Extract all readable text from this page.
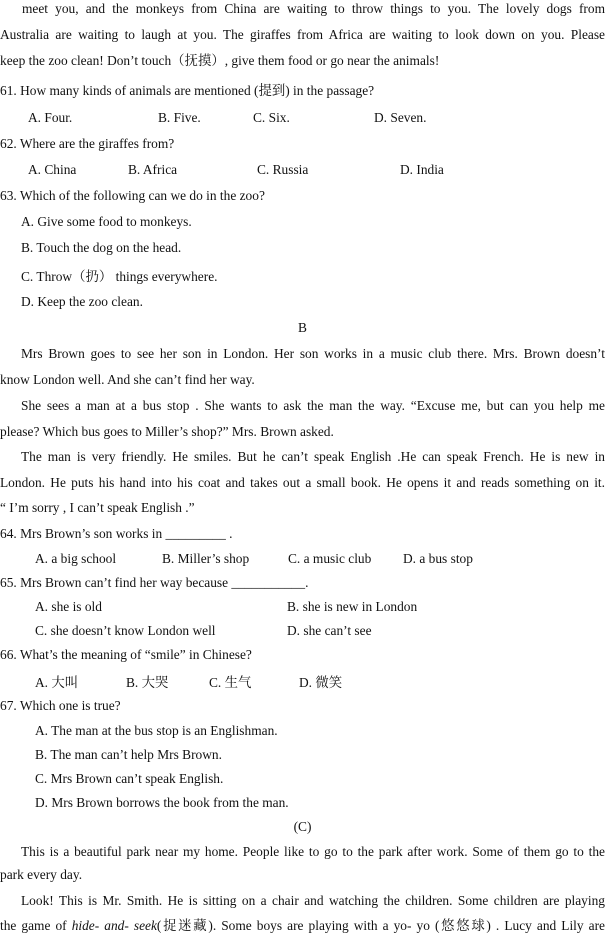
meet you, and the monkeys from China are waiting to throw things to you. The lovely dogs from
Australia are waiting to laugh at you. The giraffes from Africa are waiting to look down on you. Please
keep the zoo clean! Don’t touch（抚摸）, give them food or go near the animals!
61. How many kinds of animals are mentioned (提到) in the passage?
A. Four.	B. Five.	C. Six.	D. Seven.
62. Where are the giraffes from?
A. China	B. Africa	C. Russia	D. India
63. Which of the following can we do in the zoo?
A. Give some food to monkeys.
B. Touch the dog on the head.
C. Throw（扔） things everywhere.
D. Keep the zoo clean.
B
Mrs Brown goes to see her son in London. Her son works in a music club there. Mrs. Brown doesn’t
know London well. And she can’t find her way.
She sees a man at a bus stop . She wants to ask the man the way. “Excuse me, but can you help me
please? Which bus goes to Miller’s shop?” Mrs. Brown asked.
The man is very friendly. He smiles. But he can’t speak English .He can speak French. He is new in
London. He puts his hand into his coat and takes out a small book. He opens it and reads something on it.
“ I’m sorry , I can’t speak English .”
64. Mrs Brown’s son works in _________ .
A. a big school	B. Miller’s shop	C. a music club D. a bus stop
65. Mrs Brown can’t find her way because ___________.
A. she is old	B. she is new in London
C. she doesn’t know London well	D. she can’t see
66. What’s the meaning of “smile” in Chinese?
A. 大叫	B. 大哭	C. 生气	D. 微笑
67. Which one is true?
A. The man at the bus stop is an Englishman.
B. The man can’t help Mrs Brown.
C. Mrs Brown can’t speak English.
D. Mrs Brown borrows the book from the man.
(C)
This is a beautiful park near my home. People like to go to the park after work. Some of them go to the
park every day.
Look! This is Mr. Smith. He is sitting on a chair and watching the children. Some children are playing
the game of hide- and- seek(捉迷藏). Some boys are playing with a yo- yo (悠悠球) . Lucy and Lily are
